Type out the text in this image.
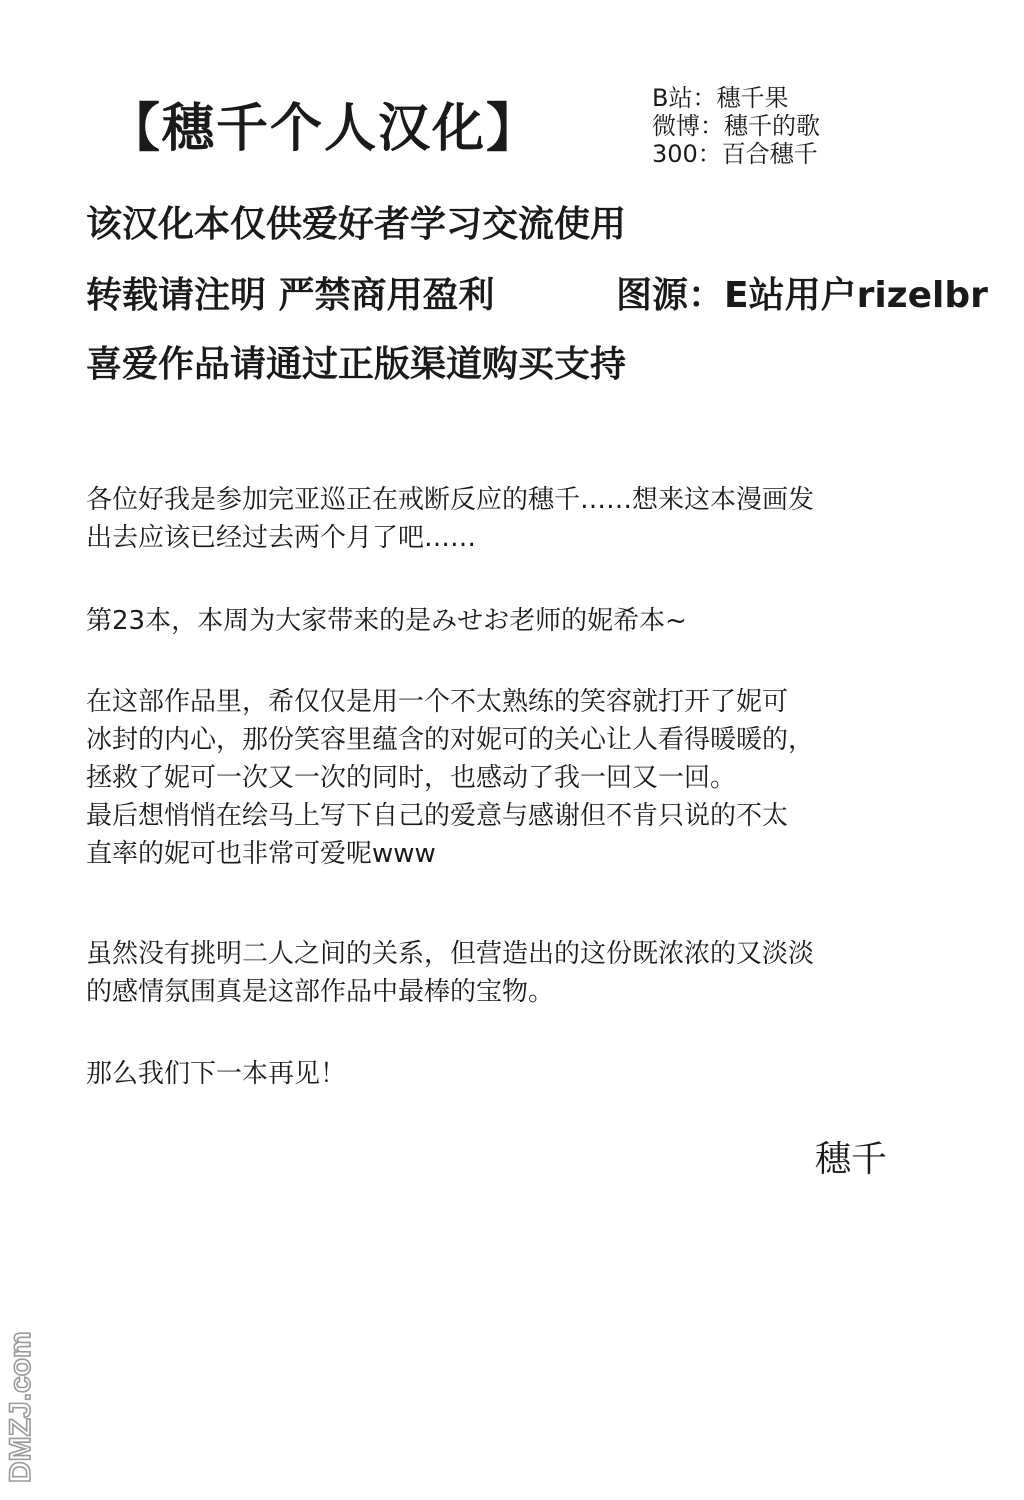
【穗千个人汉化】
B站：穗千果
微博：穗千的歌
300：百合穗千
该汉化本仅供爱好者学习交流使用
转载请注明 严禁商用盈利	图源：E站用户rizelbr
喜爱作品请通过正版渠道购买支持
各位好我是参加完亚巡正在戒断反应的穗千……想来这本漫画发
出去应该已经过去两个月了吧……
第23本，本周为大家带来的是みせお老师的妮希本~
在这部作品里，希仅仅是用一个不太熟练的笑容就打开了妮可
冰封的内心，那份笑容里蕴含的对妮可的关心让人看得暖暖的，
拯救了妮可一次又一次的同时，也感动了我一回又一回。
最后想悄悄在绘马上写下自己的爱意与感谢但不肯只说的不太
直率的妮可也非常可爱呢www
虽然没有挑明二人之间的关系，但营造出的这份既浓浓的又淡淡
的感情氛围真是这部作品中最棒的宝物。
那么我们下一本再见！
穗千
DMZJ.com
